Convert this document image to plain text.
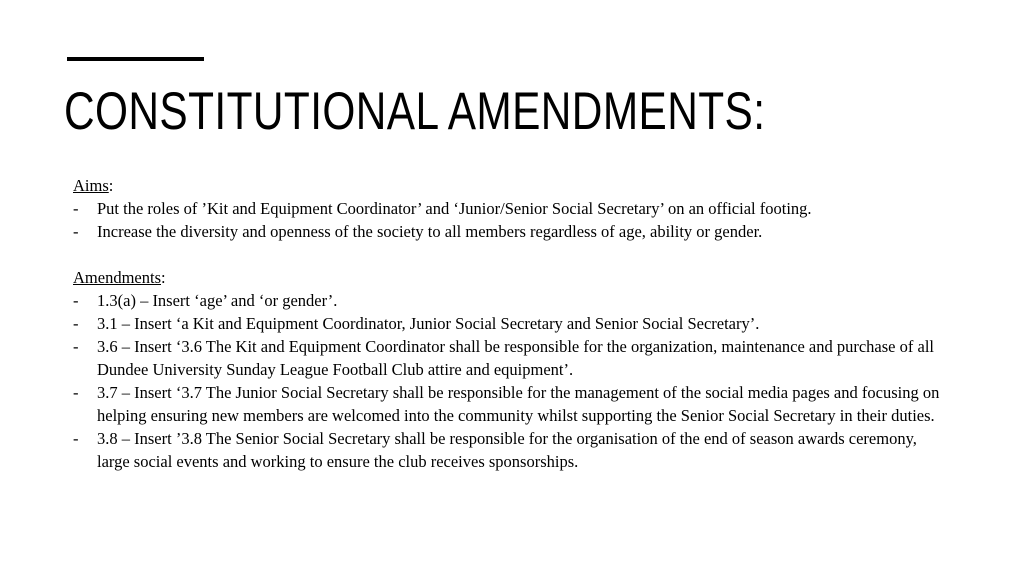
CONSTITUTIONAL AMENDMENTS:

Aims:

- Put the roles of ’Kit and Equipment Coordinator’ and ‘Junior/Senior Social Secretary’ on an official footing.
- Increase the diversity and openness of the society to all members regardless of age, ability or gender.

Amendments:

- 1.3(a) – Insert ‘age’ and ‘or gender’.
- 3.1 – Insert ‘a Kit and Equipment Coordinator, Junior Social Secretary and Senior Social Secretary’.
- 3.6 – Insert ‘3.6 The Kit and Equipment Coordinator shall be responsible for the organization, maintenance and purchase of all Dundee University Sunday League Football Club attire and equipment’.
- 3.7 – Insert ‘3.7 The Junior Social Secretary shall be responsible for the management of the social media pages and focusing on helping ensuring new members are welcomed into the community whilst supporting the Senior Social Secretary in their duties.
- 3.8 – Insert ’3.8 The Senior Social Secretary shall be responsible for the organisation of the end of season awards ceremony, large social events and working to ensure the club receives sponsorships.
